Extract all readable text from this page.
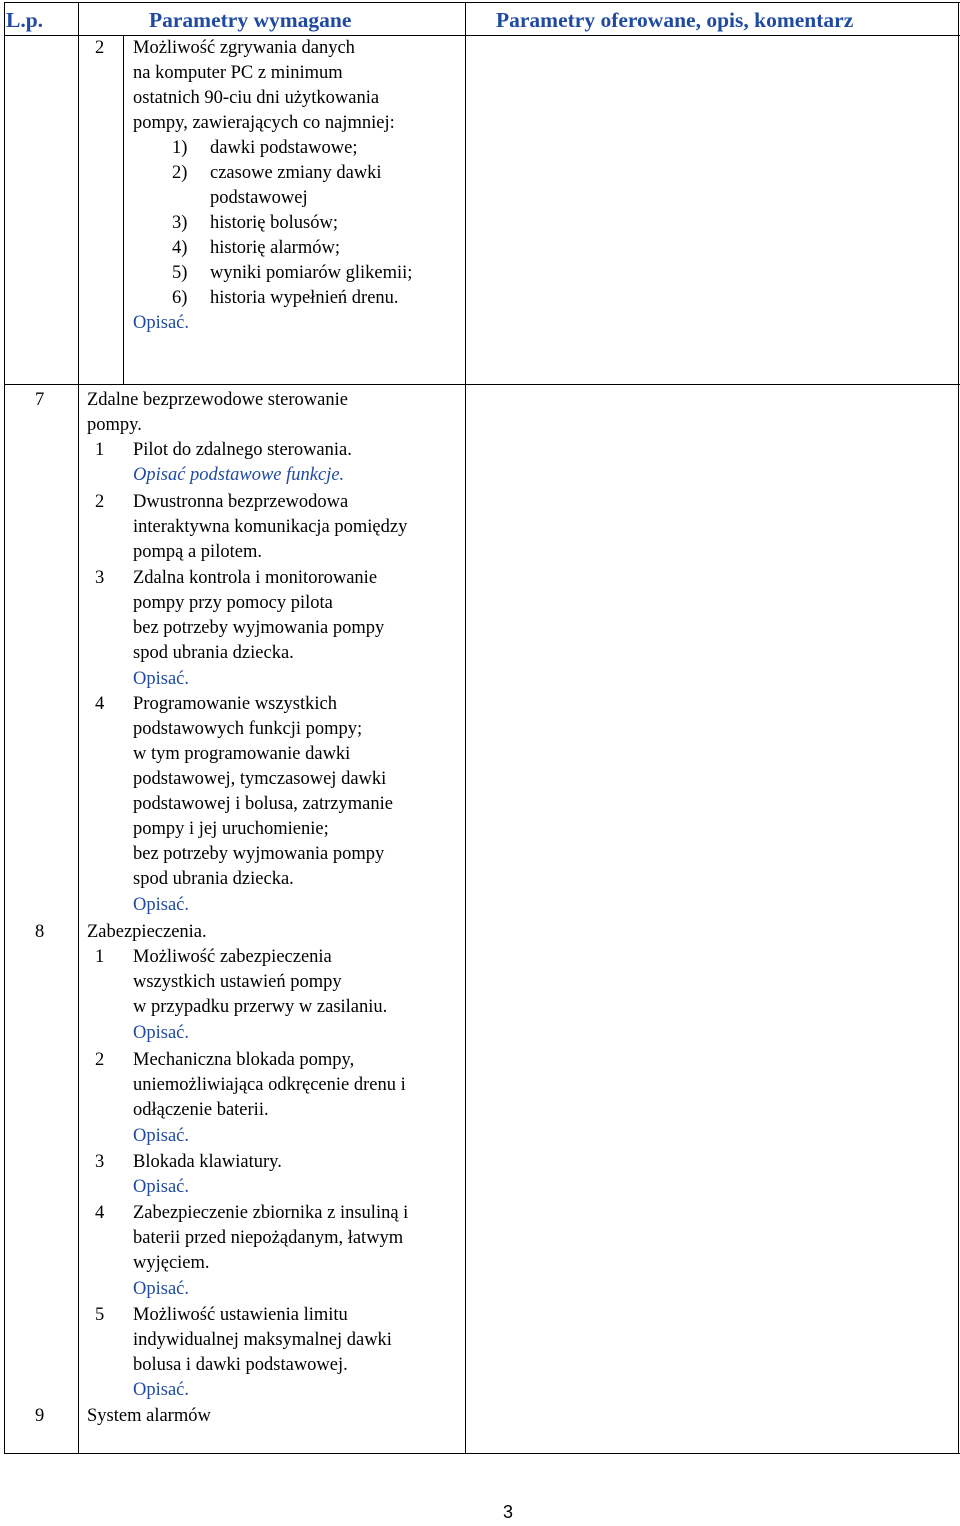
L.p.	Parametry wymagane	Parametry oferowane, opis, komentarz
2 Możliwość zgrywania danych
na komputer PC z minimum
ostatnich 90-ciu dni użytkowania
pompy, zawierających co najmniej:
1) dawki podstawowe;
2) czasowe zmiany dawki
podstawowej
3) historię bolusów;
4) historię alarmów;
5) wyniki pomiarów glikemii;
6) historia wypełnień drenu.
Opisać.
7 Zdalne bezprzewodowe sterowanie
pompy.
1 Pilot do zdalnego sterowania.
Opisać podstawowe funkcje.
2 Dwustronna bezprzewodowa
interaktywna komunikacja pomiędzy
pompą a pilotem.
3 Zdalna kontrola i monitorowanie
pompy przy pomocy pilota
bez potrzeby wyjmowania pompy
spod ubrania dziecka.
Opisać.
4 Programowanie wszystkich
podstawowych funkcji pompy;
w tym programowanie dawki
podstawowej, tymczasowej dawki
podstawowej i bolusa, zatrzymanie
pompy i jej uruchomienie;
bez potrzeby wyjmowania pompy
spod ubrania dziecka.
Opisać.
8 Zabezpieczenia.
1 Możliwość zabezpieczenia
wszystkich ustawień pompy
w przypadku przerwy w zasilaniu.
Opisać.
2 Mechaniczna blokada pompy,
uniemożliwiająca odkręcenie drenu i
odłączenie baterii.
Opisać.
3 Blokada klawiatury.
Opisać.
4 Zabezpieczenie zbiornika z insuliną i
baterii przed niepożądanym, łatwym
wyjęciem.
Opisać.
5 Możliwość ustawienia limitu
indywidualnej maksymalnej dawki
bolusa i dawki podstawowej.
Opisać.
9 System alarmów
3
